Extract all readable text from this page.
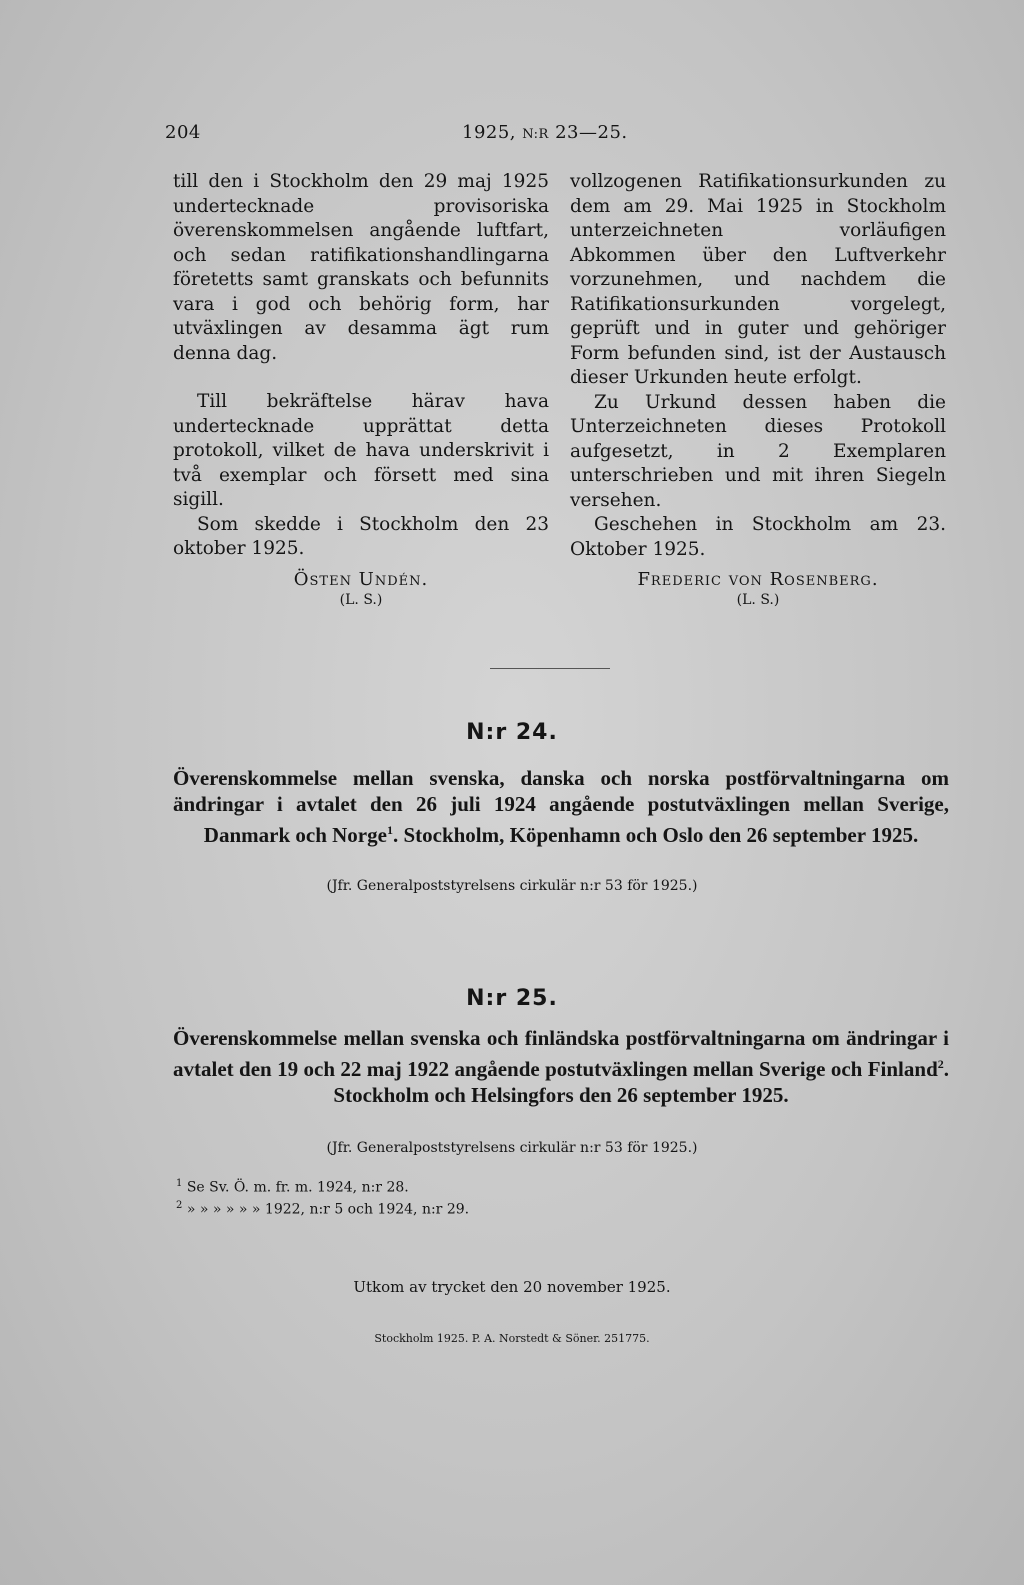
204	1925, N:R 23—25.

till den i Stockholm den 29 maj 1925 undertecknade provisoriska överenskommelsen angående luftfart, och sedan ratifikationshandlingarna företetts samt granskats och befunnits vara i god och behörig form, har utväxlingen av desamma ägt rum denna dag.

Till bekräftelse härav hava undertecknade upprättat detta protokoll, vilket de hava underskrivit i två exemplar och försett med sina sigill.

Som skedde i Stockholm den 23 oktober 1925.

Östen Undén.
(L. S.)

vollzogenen Ratifikationsurkunden zu dem am 29. Mai 1925 in Stockholm unterzeichneten vorläufigen Abkommen über den Luftverkehr vorzunehmen, und nachdem die Ratifikationsurkunden vorgelegt, geprüft und in guter und gehöriger Form befunden sind, ist der Austausch dieser Urkunden heute erfolgt.

Zu Urkund dessen haben die Unterzeichneten dieses Protokoll aufgesetzt, in 2 Exemplaren unterschrieben und mit ihren Siegeln versehen.

Geschehen in Stockholm am 23. Oktober 1925.

Frederic von Rosenberg.
(L. S.)
N:r 24.
Överenskommelse mellan svenska, danska och norska postförvaltningarna om ändringar i avtalet den 26 juli 1924 angående postutväxlingen mellan Sverige, Danmark och Norge$^1$. Stockholm, Köpenhamn och Oslo den 26 september 1925.
(Jfr. Generalpoststyrelsens cirkulär n:r 53 för 1925.)
N:r 25.
Överenskommelse mellan svenska och finländska postförvaltningarna om ändringar i avtalet den 19 och 22 maj 1922 angående postutväxlingen mellan Sverige och Finland$^2$. Stockholm och Helsingfors den 26 september 1925.
(Jfr. Generalpoststyrelsens cirkulär n:r 53 för 1925.)
$^1$ Se Sv. Ö. m. fr. m. 1924, n:r 28.
$^2$ » » » » » » 1922, n:r 5 och 1924, n:r 29.
Utkom av trycket den 20 november 1925.
Stockholm 1925. P. A. Norstedt & Söner. 251775.
